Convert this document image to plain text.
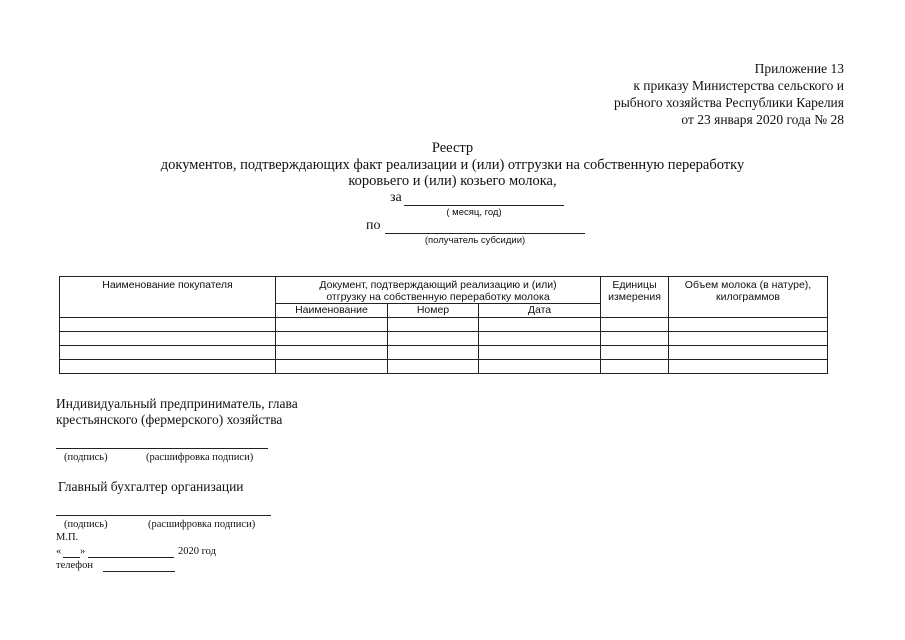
Приложение 13
к приказу Министерства сельского и
рыбного хозяйства Республики Карелия
от 23 января 2020 года № 28
Реестр
документов, подтверждающих факт реализации и (или) отгрузки на собственную переработку
коровьего и (или) козьего молока,
за
( месяц, год)
по
(получатель субсидии)
Наименование покупателя	Документ, подтверждающий реализацию и (или) отгрузку на собственную переработку молока			Единицы измерения	Объем молока (в натуре), килограммов
	Наименование	Номер	Дата		

Индивидуальный предприниматель, глава
крестьянского (фермерского) хозяйства
(подпись)	(расшифровка подписи)
Главный бухгалтер организации
(подпись)	(расшифровка подписи)
М.П.
« »	2020 год
телефон
